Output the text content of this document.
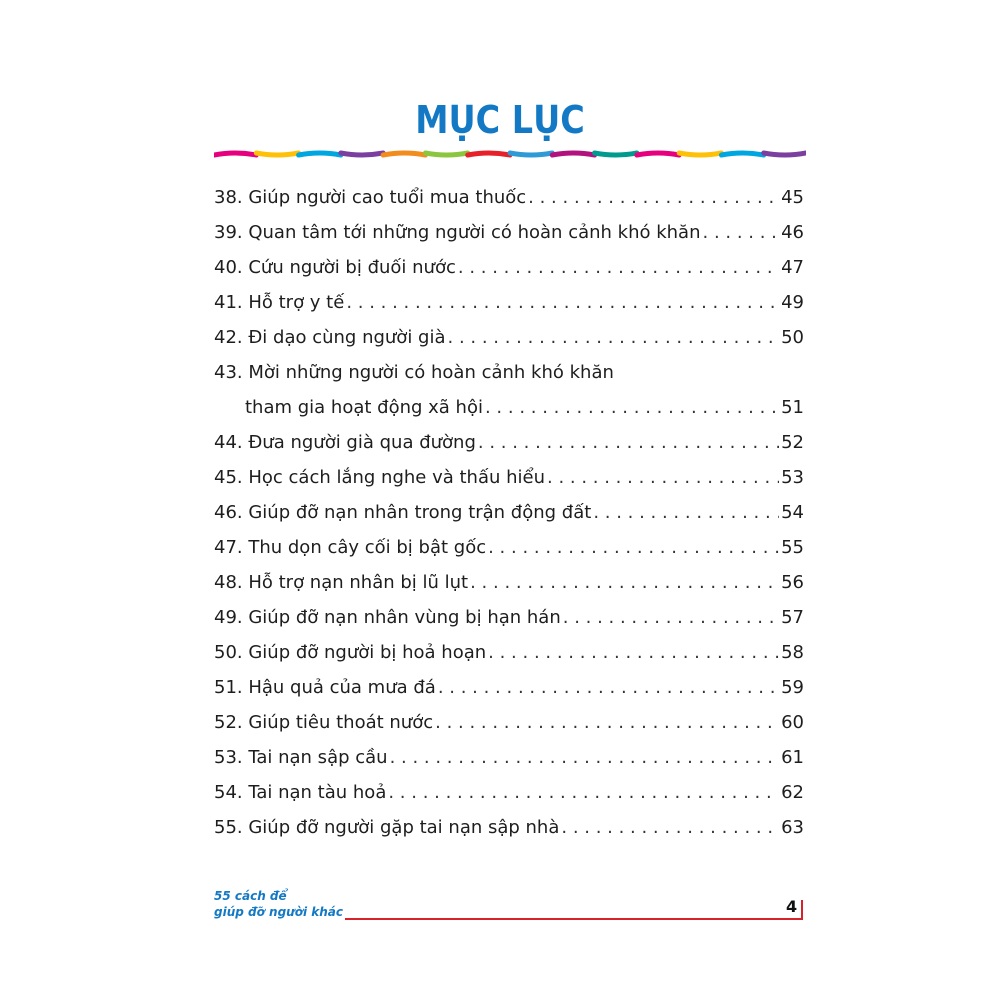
MỤC LỤC
38. Giúp người cao tuổi mua thuốc . . .	45
39. Quan tâm tới những người có hoàn cảnh khó khăn . . .	46
40. Cứu người bị đuối nước . . .	47
41. Hỗ trợ y tế . . .	49
42. Đi dạo cùng người già . . .	50
43. Mời những người có hoàn cảnh khó khăn
tham gia hoạt động xã hội . . .	51
44. Đưa người già qua đường . . .	52
45. Học cách lắng nghe và thấu hiểu . . .	53
46. Giúp đỡ nạn nhân trong trận động đất . . .	54
47. Thu dọn cây cối bị bật gốc . . .	55
48. Hỗ trợ nạn nhân bị lũ lụt . . .	56
49. Giúp đỡ nạn nhân vùng bị hạn hán . . .	57
50. Giúp đỡ người bị hoả hoạn . . .	58
51. Hậu quả của mưa đá . . .	59
52. Giúp tiêu thoát nước . . .	60
53. Tai nạn sập cầu . . .	61
54. Tai nạn tàu hoả . . .	62
55. Giúp đỡ người gặp tai nạn sập nhà . . .	63
55 cách để
giúp đỡ người khác	4
